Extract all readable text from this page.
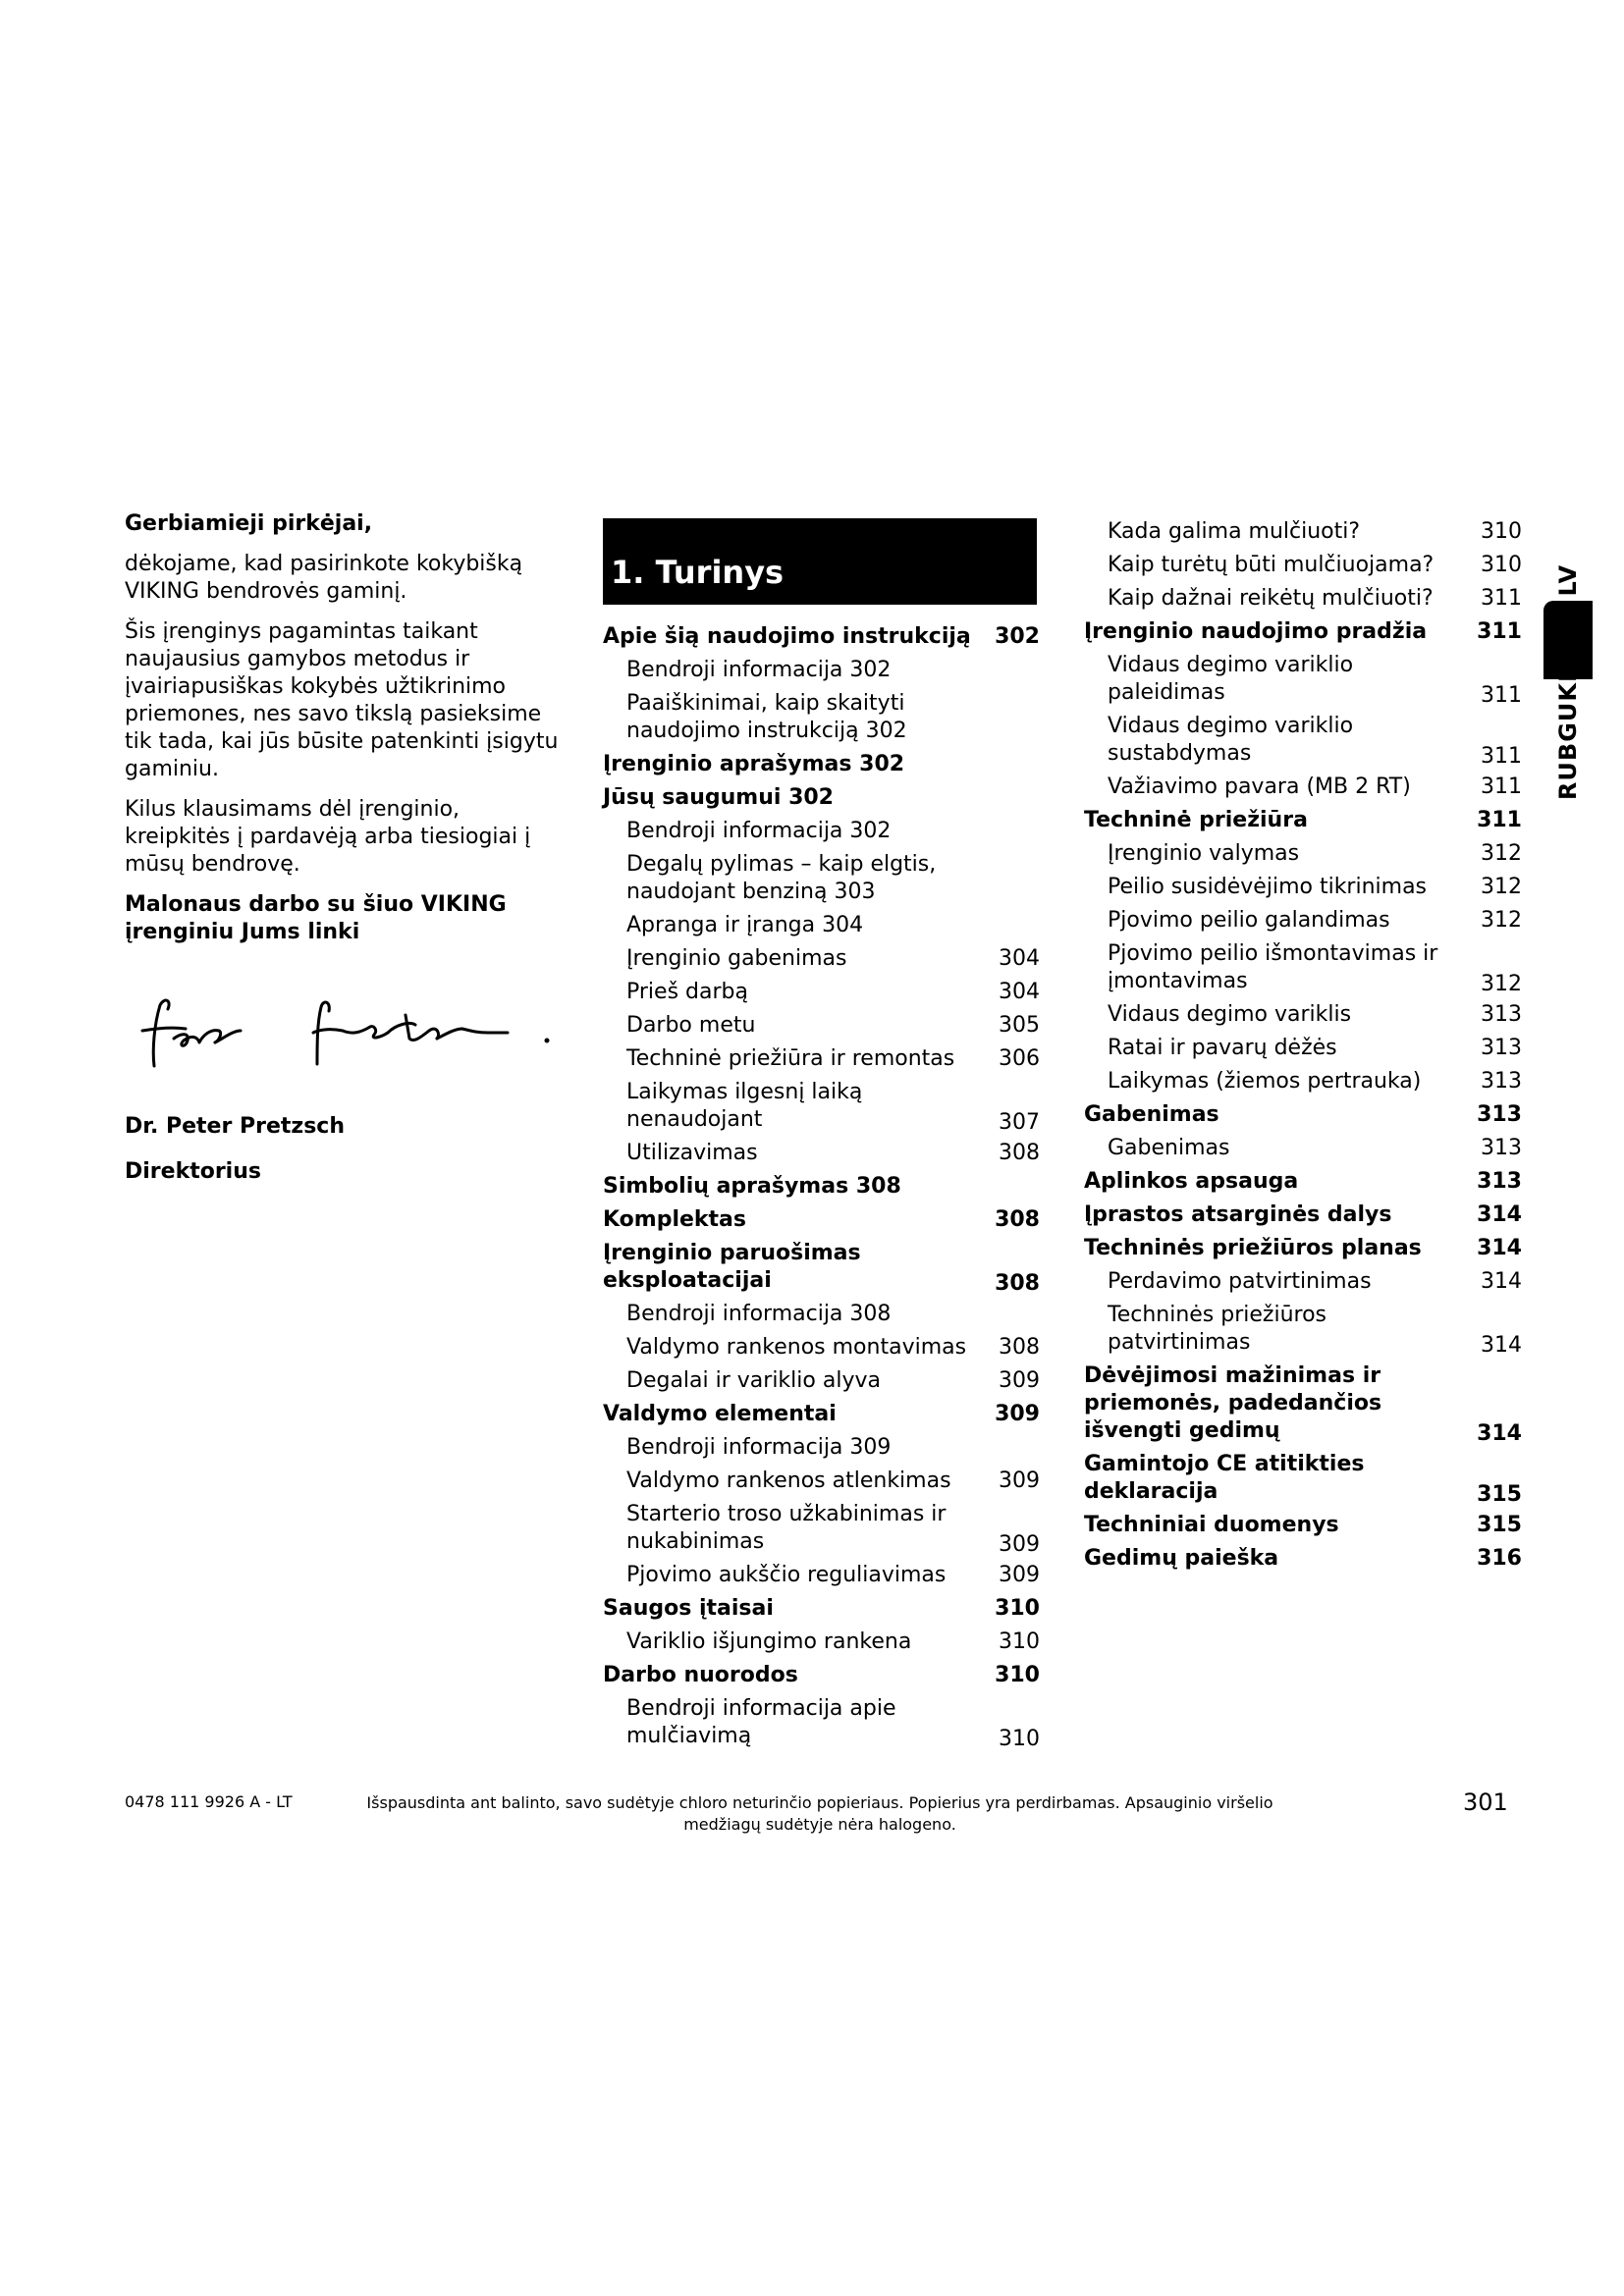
Gerbiamieji pirkėjai,

dėkojame, kad pasirinkote kokybišką VIKING bendrovės gaminį.

Šis įrenginys pagamintas taikant naujausius gamybos metodus ir įvairiapusiškas kokybės užtikrinimo priemones, nes savo tikslą pasieksime tik tada, kai jūs būsite patenkinti įsigytu gaminiu.

Kilus klausimams dėl įrenginio, kreipkitės į pardavėją arba tiesiogiai į mūsų bendrovę.

Malonaus darbo su šiuo VIKING įrenginiu Jums linki

Dr. Peter Pretzsch

Direktorius

1. Turinys
Apie šią naudojimo instrukciją	302
Bendroji informacija 302
Paaiškinimai, kaip skaityti naudojimo instrukciją 302
Įrenginio aprašymas 302
Jūsų saugumui 302
Bendroji informacija 302
Degalų pylimas – kaip elgtis, naudojant benziną 303
Apranga ir įranga 304
Įrenginio gabenimas	304
Prieš darbą	304
Darbo metu	305
Techninė priežiūra ir remontas	306
Laikymas ilgesnį laiką nenaudojant	307
Utilizavimas	308
Simbolių aprašymas 308
Komplektas	308
Įrenginio paruošimas eksploatacijai	308
Bendroji informacija 308
Valdymo rankenos montavimas	308
Degalai ir variklio alyva	309
Valdymo elementai	309
Bendroji informacija 309
Valdymo rankenos atlenkimas	309
Starterio troso užkabinimas ir nukabinimas	309
Pjovimo aukščio reguliavimas	309
Saugos įtaisai	310
Variklio išjungimo rankena	310
Darbo nuorodos	310
Bendroji informacija apie mulčiavimą	310
Kada galima mulčiuoti?	310
Kaip turėtų būti mulčiuojama?	310
Kaip dažnai reikėtų mulčiuoti?	311
Įrenginio naudojimo pradžia	311
Vidaus degimo variklio paleidimas	311
Vidaus degimo variklio sustabdymas	311
Važiavimo pavara (MB 2 RT)	311
Techninė priežiūra	311
Įrenginio valymas	312
Peilio susidėvėjimo tikrinimas	312
Pjovimo peilio galandimas	312
Pjovimo peilio išmontavimas ir įmontavimas	312
Vidaus degimo variklis	313
Ratai ir pavarų dėžės	313
Laikymas (žiemos pertrauka)	313
Gabenimas	313
Gabenimas	313
Aplinkos apsauga	313
Įprastos atsarginės dalys	314
Techninės priežiūros planas	314
Perdavimo patvirtinimas	314
Techninės priežiūros patvirtinimas	314
Dėvėjimosi mažinimas ir priemonės, padedančios išvengti gedimų	314
Gamintojo CE atitikties deklaracija	315
Techniniai duomenys	315
Gedimų paieška	316
RUBGUKETO LV
0478 111 9926 A - LT	Išspausdinta ant balinto, savo sudėtyje chloro neturinčio popieriaus. Popierius yra perdirbamas. Apsauginio viršelio medžiagų sudėtyje nėra halogeno.
301
